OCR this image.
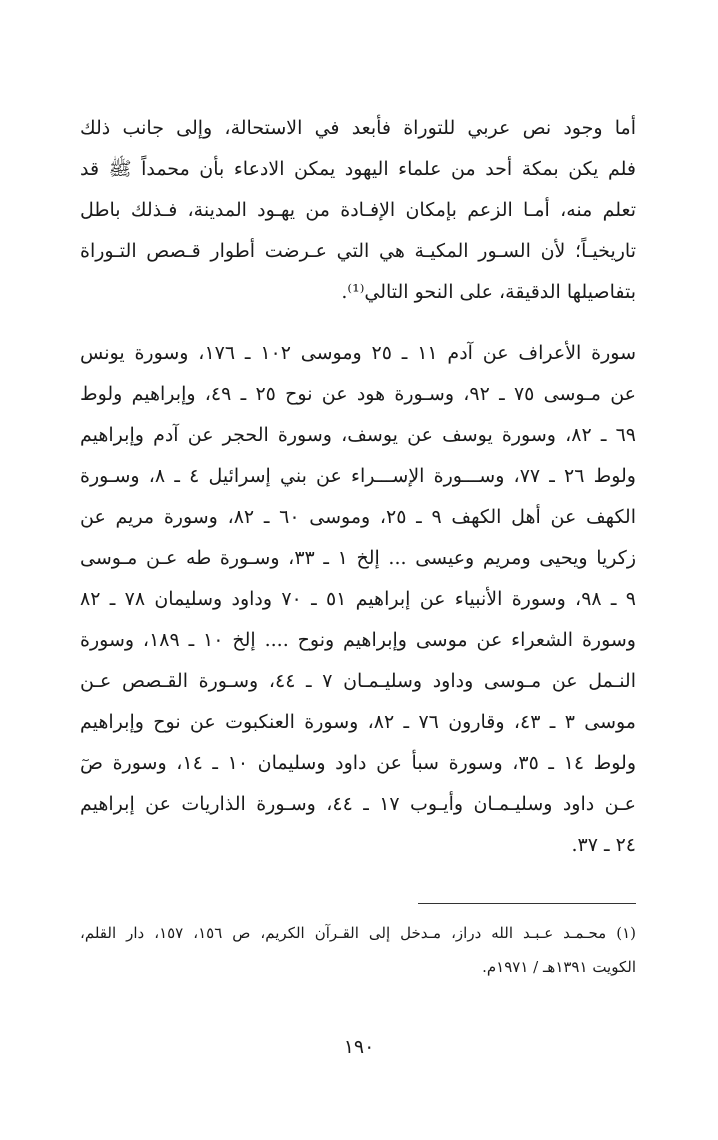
أما وجود نص عربي للتوراة فأبعد في الاستحالة، وإلى جانب ذلك
فلم يكن بمكة أحد من علماء اليهود يمكن الادعاء بأن محمداً ﷺ قد
تعلم منه، أمـا الزعم بإمكان الإفـادة من يهـود المدينة، فـذلك باطل
تاريخيـاً؛ لأن السـور المكيـة هي التي عـرضت أطوار قـصص التـوراة
بتفاصيلها الدقيقة، على النحو التالي⁽¹⁾.
سورة الأعراف عن آدم ١١ ـ ٢٥ وموسى ١٠٢ ـ ١٧٦، وسورة يونس
عن مـوسى ٧٥ ـ ٩٢، وسـورة هود عن نوح ٢٥ ـ ٤٩، وإبراهيم ولوط
٦٩ ـ ٨٢، وسورة يوسف عن يوسف، وسورة الحجر عن آدم وإبراهيم
ولوط ٢٦ ـ ٧٧، وســـورة الإســـراء عن بني إسرائيل ٤ ـ ٨، وسـورة
الكهف عن أهل الكهف ٩ ـ ٢٥، وموسى ٦٠ ـ ٨٢، وسورة مريم عن
زكريا ويحيى ومريم وعيسى ... إلخ ١ ـ ٣٣، وسـورة طه عـن مـوسى
٩ ـ ٩٨، وسورة الأنبياء عن إبراهيم ٥١ ـ ٧٠ وداود وسليمان ٧٨ ـ ٨٢
وسورة الشعراء عن موسى وإبراهيم ونوح .... إلخ ١٠ ـ ١٨٩، وسورة
النـمل عن مـوسى وداود وسليـمـان ٧ ـ ٤٤، وسـورة القـصص عـن
موسى ٣ ـ ٤٣، وقارون ٧٦ ـ ٨٢، وسورة العنكبوت عن نوح وإبراهيم
ولوط ١٤ ـ ٣٥، وسورة سبأ عن داود وسليمان ١٠ ـ ١٤، وسورة صٓ
عـن داود وسليـمـان وأيـوب ١٧ ـ ٤٤، وسـورة الذاريات عن إبراهيم
٢٤ ـ ٣٧.
(١) محـمـد عـبـد الله دراز، مـدخل إلى القـرآن الكريم، ص ١٥٦، ١٥٧، دار القلم،
الكويت ١٣٩١هـ / ١٩٧١م.
١٩٠
